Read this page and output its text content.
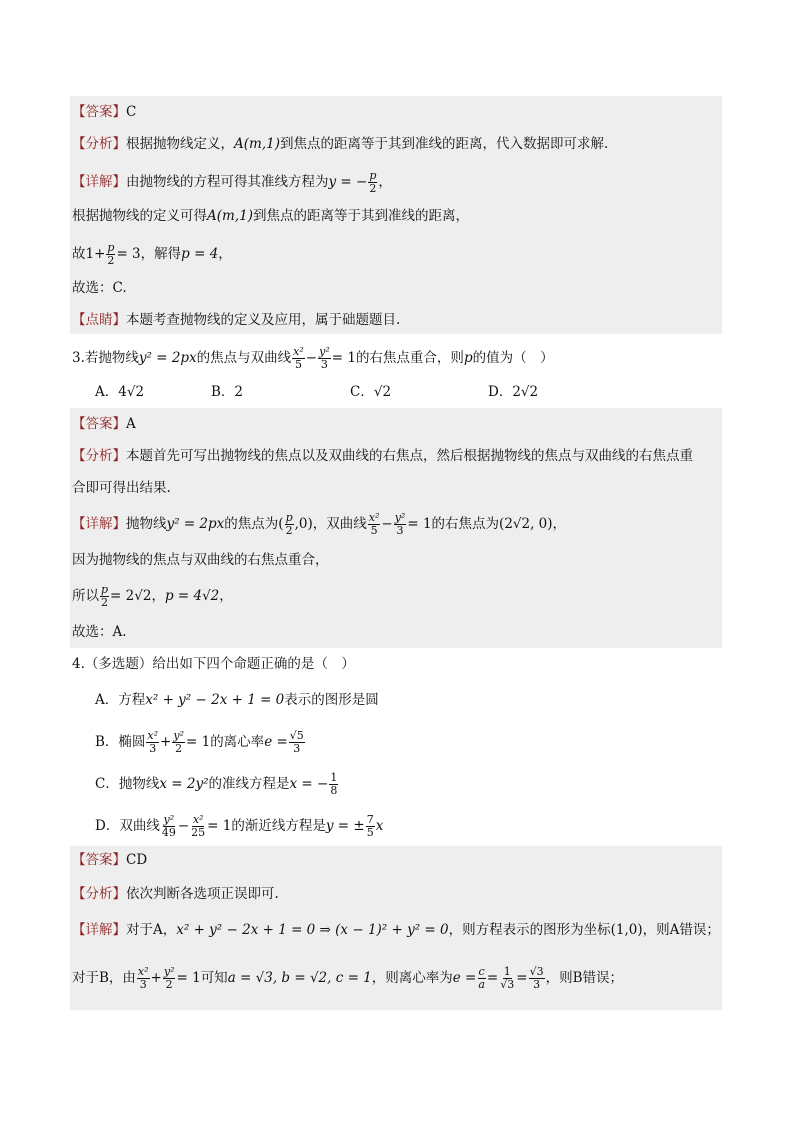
【答案】C
【分析】根据抛物线定义，A(m,1)到焦点的距离等于其到准线的距离，代入数据即可求解.
【详解】由抛物线的方程可得其准线方程为y = − $\frac{p}{2}$ ，
根据抛物线的定义可得A(m,1)到焦点的距离等于其到准线的距离，
故$1+ \frac{p}{2} = 3$，解得p = 4，
故选：C.
【点睛】本题考查抛物线的定义及应用，属于础题题目.
3.若抛物线y² = 2px的焦点与双曲线 $\frac{\text{x²}}{5} - \frac{\text{y²}}{3} = 1$的右焦点重合，则p的值为（　）
A．4√2	B．2	C．√2	D．2√2
【答案】A
【分析】本题首先可写出抛物线的焦点以及双曲线的右焦点，然后根据抛物线的焦点与双曲线的右焦点重
合即可得出结果.
【详解】抛物线y² = 2px的焦点为( $\frac{p}{2} ,0$)，双曲线 $\frac{\text{x²}}{5} - \frac{\text{y²}}{3} = 1$的右焦点为(2√2, 0)，
因为抛物线的焦点与双曲线的右焦点重合，
所以 $\frac{p}{2} = 2√2$，p = 4√2，
故选：A.
4.（多选题）给出如下四个命题正确的是（　）
A．方程x² + y² − 2x + 1 = 0表示的图形是圆
B．椭圆 $\frac{\text{x²}}{3} + \frac{\text{y²}}{2} = 1$的离心率$e = \frac{√5}{3}$
C．抛物线x = 2y²的准线方程是x = − $\frac{1}{8}$
D．双曲线 $\frac{\text{y²}}{49} - \frac{\text{x²}}{25} = 1$的渐近线方程是y = ± $\frac{7}{5}$ x
【答案】CD
【分析】依次判断各选项正误即可.
【详解】对于A，x² + y² − 2x + 1 = 0 ⇒ (x − 1)² + y² = 0，则方程表示的图形为坐标(1,0)，则A错误；
对于B，由 $\frac{\text{x²}}{3} + \frac{\text{y²}}{2} = 1$可知a = √3, b = √2, c = 1，则离心率为$e = \frac{c}{a} = \frac{1}{√3} = \frac{√3}{3}$ ，则B错误；
